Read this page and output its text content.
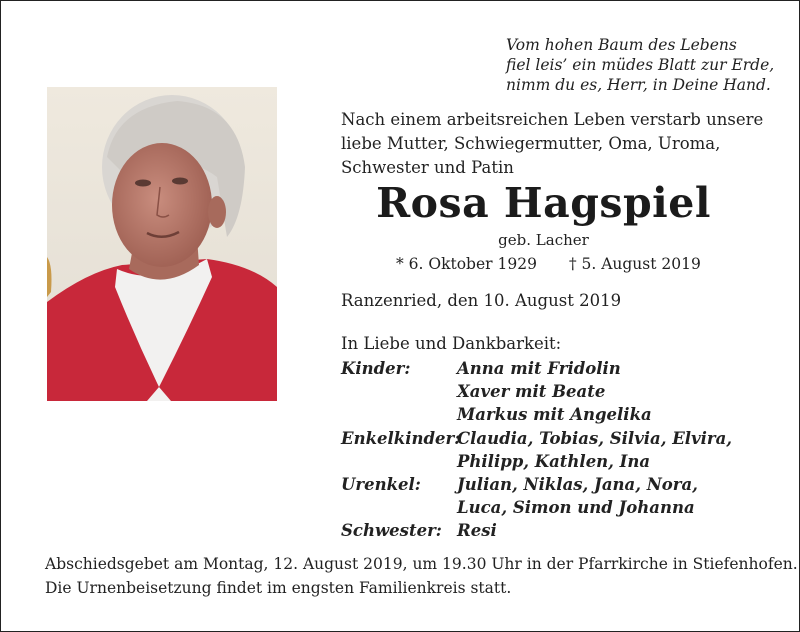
Vom hohen Baum des Lebens
fiel leis’ ein müdes Blatt zur Erde,
nimm du es, Herr, in Deine Hand.
Nach einem arbeitsreichen Leben verstarb unsere
liebe Mutter, Schwiegermutter, Oma, Uroma,
Schwester und Patin
Rosa Hagspiel
geb. Lacher
* 6. Oktober 1929 † 5. August 2019
Ranzenried, den 10. August 2019
In Liebe und Dankbarkeit:
Kinder:	Anna mit Fridolin
Xaver mit Beate
Markus mit Angelika
Enkelkinder:
Claudia, Tobias, Silvia, Elvira,
Philipp, Kathlen, Ina
Urenkel:	Julian, Niklas, Jana, Nora,
Luca, Simon und Johanna
Schwester: Resi
Abschiedsgebet am Montag, 12. August 2019, um 19.30 Uhr in der Pfarrkirche in Stiefenhofen.
Die Urnenbeisetzung findet im engsten Familienkreis statt.
